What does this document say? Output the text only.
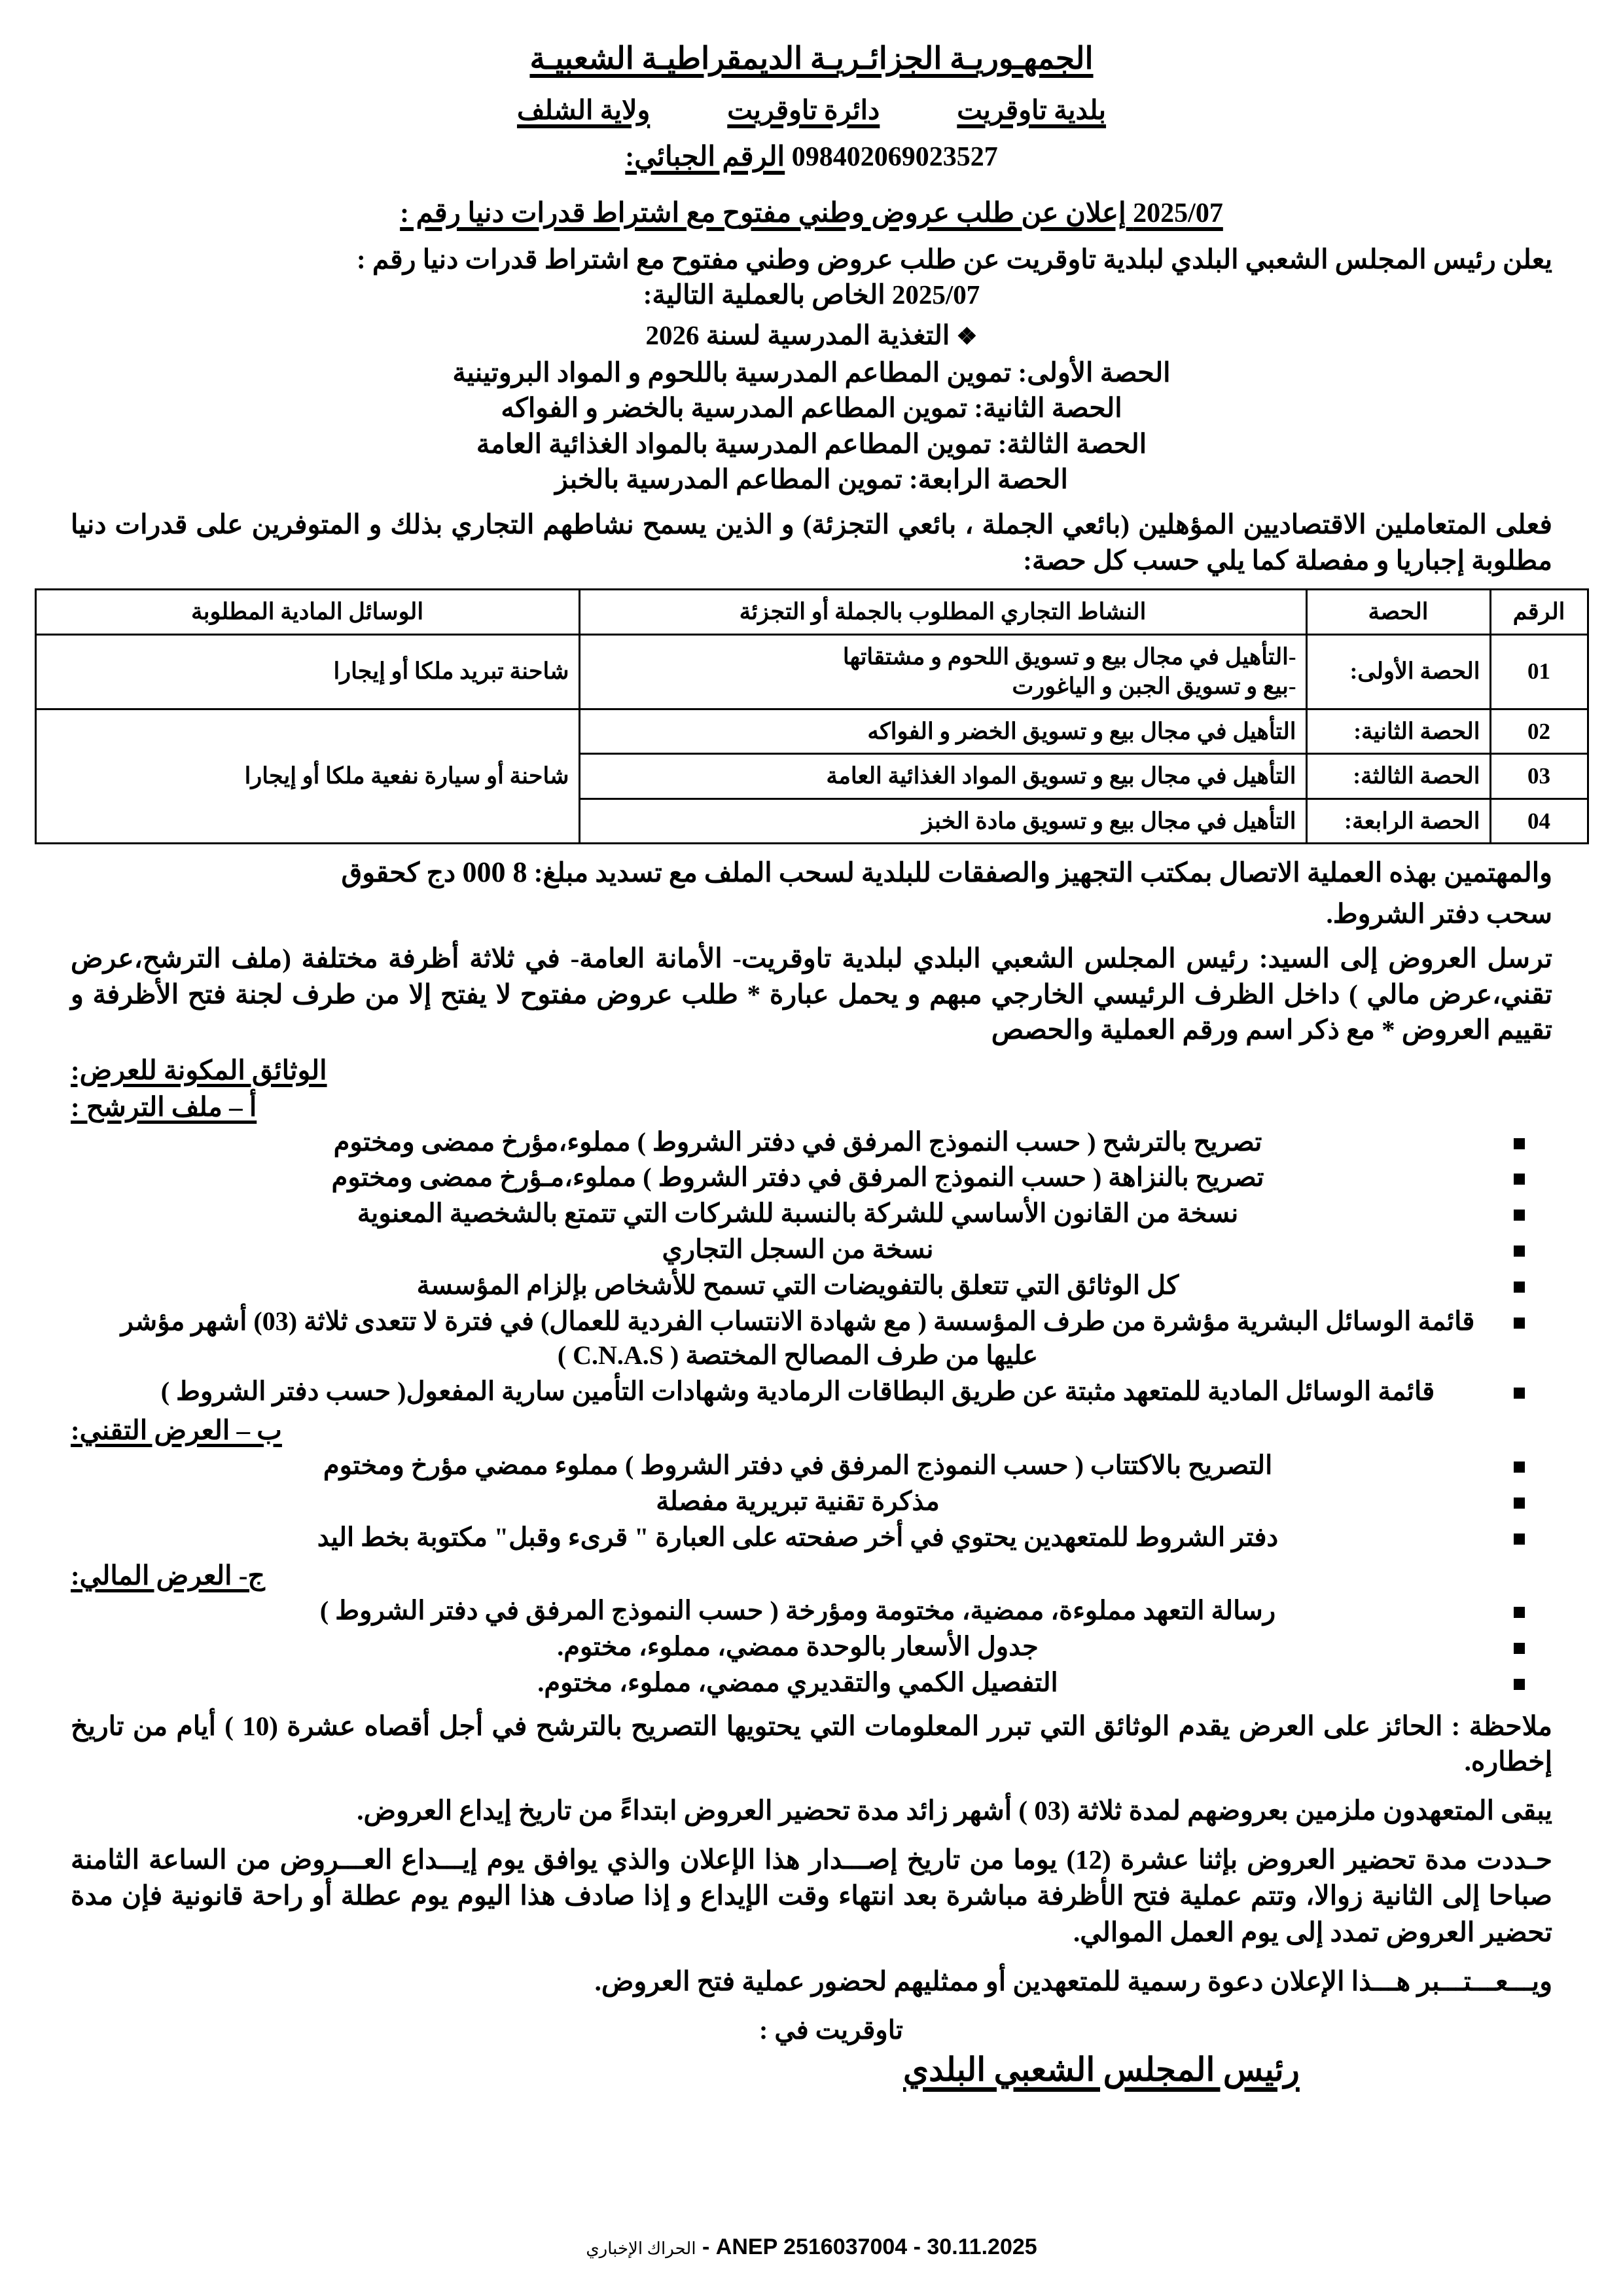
الجمهـوريـة الجزائـريـة الديمقراطيـة الشعبيـة
بلدية تاوقريت
دائرة تاوقريت
ولاية الشلف
098402069023527 الرقم الجبائي:
2025/07 إعلان عن طلب عروض وطني مفتوح مع اشتراط قدرات دنيا رقم :
يعلن رئيس المجلس الشعبي البلدي لبلدية تاوقريت عن طلب عروض وطني مفتوح مع اشتراط قدرات دنيا رقم :
2025/07 الخاص بالعملية التالية:
❖التغذية المدرسية لسنة 2026
الحصة الأولى: تموين المطاعم المدرسية باللحوم و المواد البروتينية
الحصة الثانية: تموين المطاعم المدرسية بالخضر و الفواكه
الحصة الثالثة: تموين المطاعم المدرسية بالمواد الغذائية العامة
الحصة الرابعة: تموين المطاعم المدرسية بالخبز
فعلى المتعاملين الاقتصاديين المؤهلين (بائعي الجملة ، بائعي التجزئة) و الذين يسمح نشاطهم التجاري بذلك و المتوفرين على قدرات دنيا مطلوبة إجباريا و مفصلة كما يلي حسب كل حصة:
الرقم	الحصة	النشاط التجاري المطلوب بالجملة أو التجزئة	الوسائل المادية المطلوبة
01	الحصة الأولى:	-التأهيل في مجال بيع و تسويق اللحوم و مشتقاتها
-بيع و تسويق الجبن و الياغورت	شاحنة تبريد ملكا أو إيجارا
02	الحصة الثانية:	التأهيل في مجال بيع و تسويق الخضر و الفواكه	شاحنة أو سيارة نفعية ملكا أو إيجارا
03	الحصة الثالثة:	التأهيل في مجال بيع و تسويق المواد الغذائية العامة	

04	الحصة الرابعة:	التأهيل في مجال بيع و تسويق مادة الخبز	
والمهتمين بهذه العملية الاتصال بمكتب التجهيز والصفقات للبلدية لسحب الملف مع تسديد مبلغ: 8 000 دج كحقوق
سحب دفتر الشروط.
ترسل العروض إلى السيد: رئيس المجلس الشعبي البلدي لبلدية تاوقريت- الأمانة العامة- في ثلاثة أظرفة مختلفة (ملف الترشح،عرض تقني،عرض مالي ) داخل الظرف الرئيسي الخارجي مبهم و يحمل عبارة * طلب عروض مفتوح لا يفتح إلا من طرف لجنة فتح الأظرفة و تقييم العروض * مع ذكر اسم ورقم العملية والحصص
الوثائق المكونة للعرض:
أ – ملف الترشح :
تصريح بالترشح ( حسب النموذج المرفق في دفتر الشروط ) مملوء،مؤرخ ممضى ومختوم
تصريح بالنزاهة ( حسب النموذج المرفق في دفتر الشروط ) مملوء،مـؤرخ ممضى ومختوم
نسخة من القانون الأساسي للشركة بالنسبة للشركات التي تتمتع بالشخصية المعنوية
نسخة من السجل التجاري
كل الوثائق التي تتعلق بالتفويضات التي تسمح للأشخاص بإلزام المؤسسة
قائمة الوسائل البشرية مؤشرة من طرف المؤسسة ( مع شهادة الانتساب الفردية للعمال) في فترة لا تتعدى ثلاثة (03) أشهر مؤشر عليها من طرف المصالح المختصة ( C.N.A.S )
قائمة الوسائل المادية للمتعهد مثبتة عن طريق البطاقات الرمادية وشهادات التأمين سارية المفعول( حسب دفتر الشروط )
ب – العرض التقني:
التصريح بالاكتتاب ( حسب النموذج المرفق في دفتر الشروط ) مملوء ممضي مؤرخ ومختوم
مذكرة تقنية تبريرية مفصلة
دفتر الشروط للمتعهدين يحتوي في أخر صفحته على العبارة " قرىء وقبل" مكتوبة بخط اليد
ج- العرض المالي:
رسالة التعهد مملوءة، ممضية، مختومة ومؤرخة ( حسب النموذج المرفق في دفتر الشروط )
جدول الأسعار بالوحدة ممضي، مملوء، مختوم.
التفصيل الكمي والتقديري ممضي، مملوء، مختوم.
ملاحظة : الحائز على العرض يقدم الوثائق التي تبرر المعلومات التي يحتويها التصريح بالترشح في أجل أقصاه عشرة (10 ) أيام من تاريخ إخطاره.
يبقى المتعهدون ملزمين بعروضهم لمدة ثلاثة (03 ) أشهر زائد مدة تحضير العروض ابتداءً من تاريخ إيداع العروض.
حـددت مدة تحضير العروض بإثنا عشرة (12) يوما من تاريخ إصـــدار هذا الإعلان والذي يوافق يوم إيـــداع العـــروض من الساعة الثامنة صباحا إلى الثانية زوالا، وتتم عملية فتح الأظرفة مباشرة بعد انتهاء وقت الإيداع و إذا صادف هذا اليوم يوم عطلة أو راحة قانونية فإن مدة تحضير العروض تمدد إلى يوم العمل الموالي.
ويـــعـــتـــبر هـــذا الإعلان دعوة رسمية للمتعهدين أو ممثليهم لحضور عملية فتح العروض.
تاوقريت في :
رئيس المجلس الشعبي البلدي
الحراك الإخباري - ANEP 2516037004 - 30.11.2025
